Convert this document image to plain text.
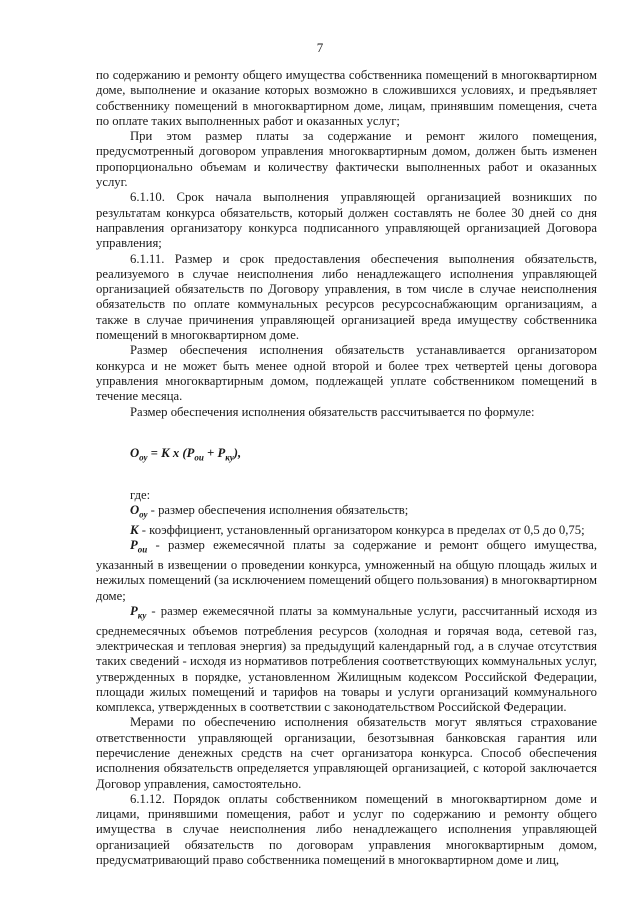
7

по содержанию и ремонту общего имущества собственника помещений в многоквартирном доме, выполнение и оказание которых возможно в сложившихся условиях, и предъявляет собственнику помещений в многоквартирном доме, лицам, принявшим помещения, счета по оплате таких выполненных работ и оказанных услуг;

При этом размер платы за содержание и ремонт жилого помещения, предусмотренный договором управления многоквартирным домом, должен быть изменен пропорционально объемам и количеству фактически выполненных работ и оказанных услуг.

6.1.10. Срок начала выполнения управляющей организацией возникших по результатам конкурса обязательств, который должен составлять не более 30 дней со дня направления организатору конкурса подписанного управляющей организацией Договора управления;

6.1.11. Размер и срок предоставления обеспечения выполнения обязательств, реализуемого в случае неисполнения либо ненадлежащего исполнения управляющей организацией обязательств по Договору управления, в том числе в случае неисполнения обязательств по оплате коммунальных ресурсов ресурсоснабжающим организациям, а также в случае причинения управляющей организацией вреда имуществу собственника помещений в многоквартирном доме.

Размер обеспечения исполнения обязательств устанавливается организатором конкурса и не может быть менее одной второй и более трех четвертей цены договора управления многоквартирным домом, подлежащей уплате собственником помещений в течение месяца.

Размер обеспечения исполнения обязательств рассчитывается по формуле:

$О_{оу} = К$ х $(Р_{оu} + Р_{ку})$,

где:

$О_{оу}$ - размер обеспечения исполнения обязательств;

К - коэффициент, установленный организатором конкурса в пределах от 0,5 до 0,75;

$Р_{оu}$ - размер ежемесячной платы за содержание и ремонт общего имущества, указанный в извещении о проведении конкурса, умноженный на общую площадь жилых и нежилых помещений (за исключением помещений общего пользования) в многоквартирном доме;

$Р_{ку}$ - размер ежемесячной платы за коммунальные услуги, рассчитанный исходя из среднемесячных объемов потребления ресурсов (холодная и горячая вода, сетевой газ, электрическая и тепловая энергия) за предыдущий календарный год, а в случае отсутствия таких сведений - исходя из нормативов потребления соответствующих коммунальных услуг, утвержденных в порядке, установленном Жилищным кодексом Российской Федерации, площади жилых помещений и тарифов на товары и услуги организаций коммунального комплекса, утвержденных в соответствии с законодательством Российской Федерации.

Мерами по обеспечению исполнения обязательств могут являться страхование ответственности управляющей организации, безотзывная банковская гарантия или перечисление денежных средств на счет организатора конкурса. Способ обеспечения исполнения обязательств определяется управляющей организацией, с которой заключается Договор управления, самостоятельно.

6.1.12. Порядок оплаты собственником помещений в многоквартирном доме и лицами, принявшими помещения, работ и услуг по содержанию и ремонту общего имущества в случае неисполнения либо ненадлежащего исполнения управляющей организацией обязательств по договорам управления многоквартирным домом, предусматривающий право собственника помещений в многоквартирном доме и лиц,
